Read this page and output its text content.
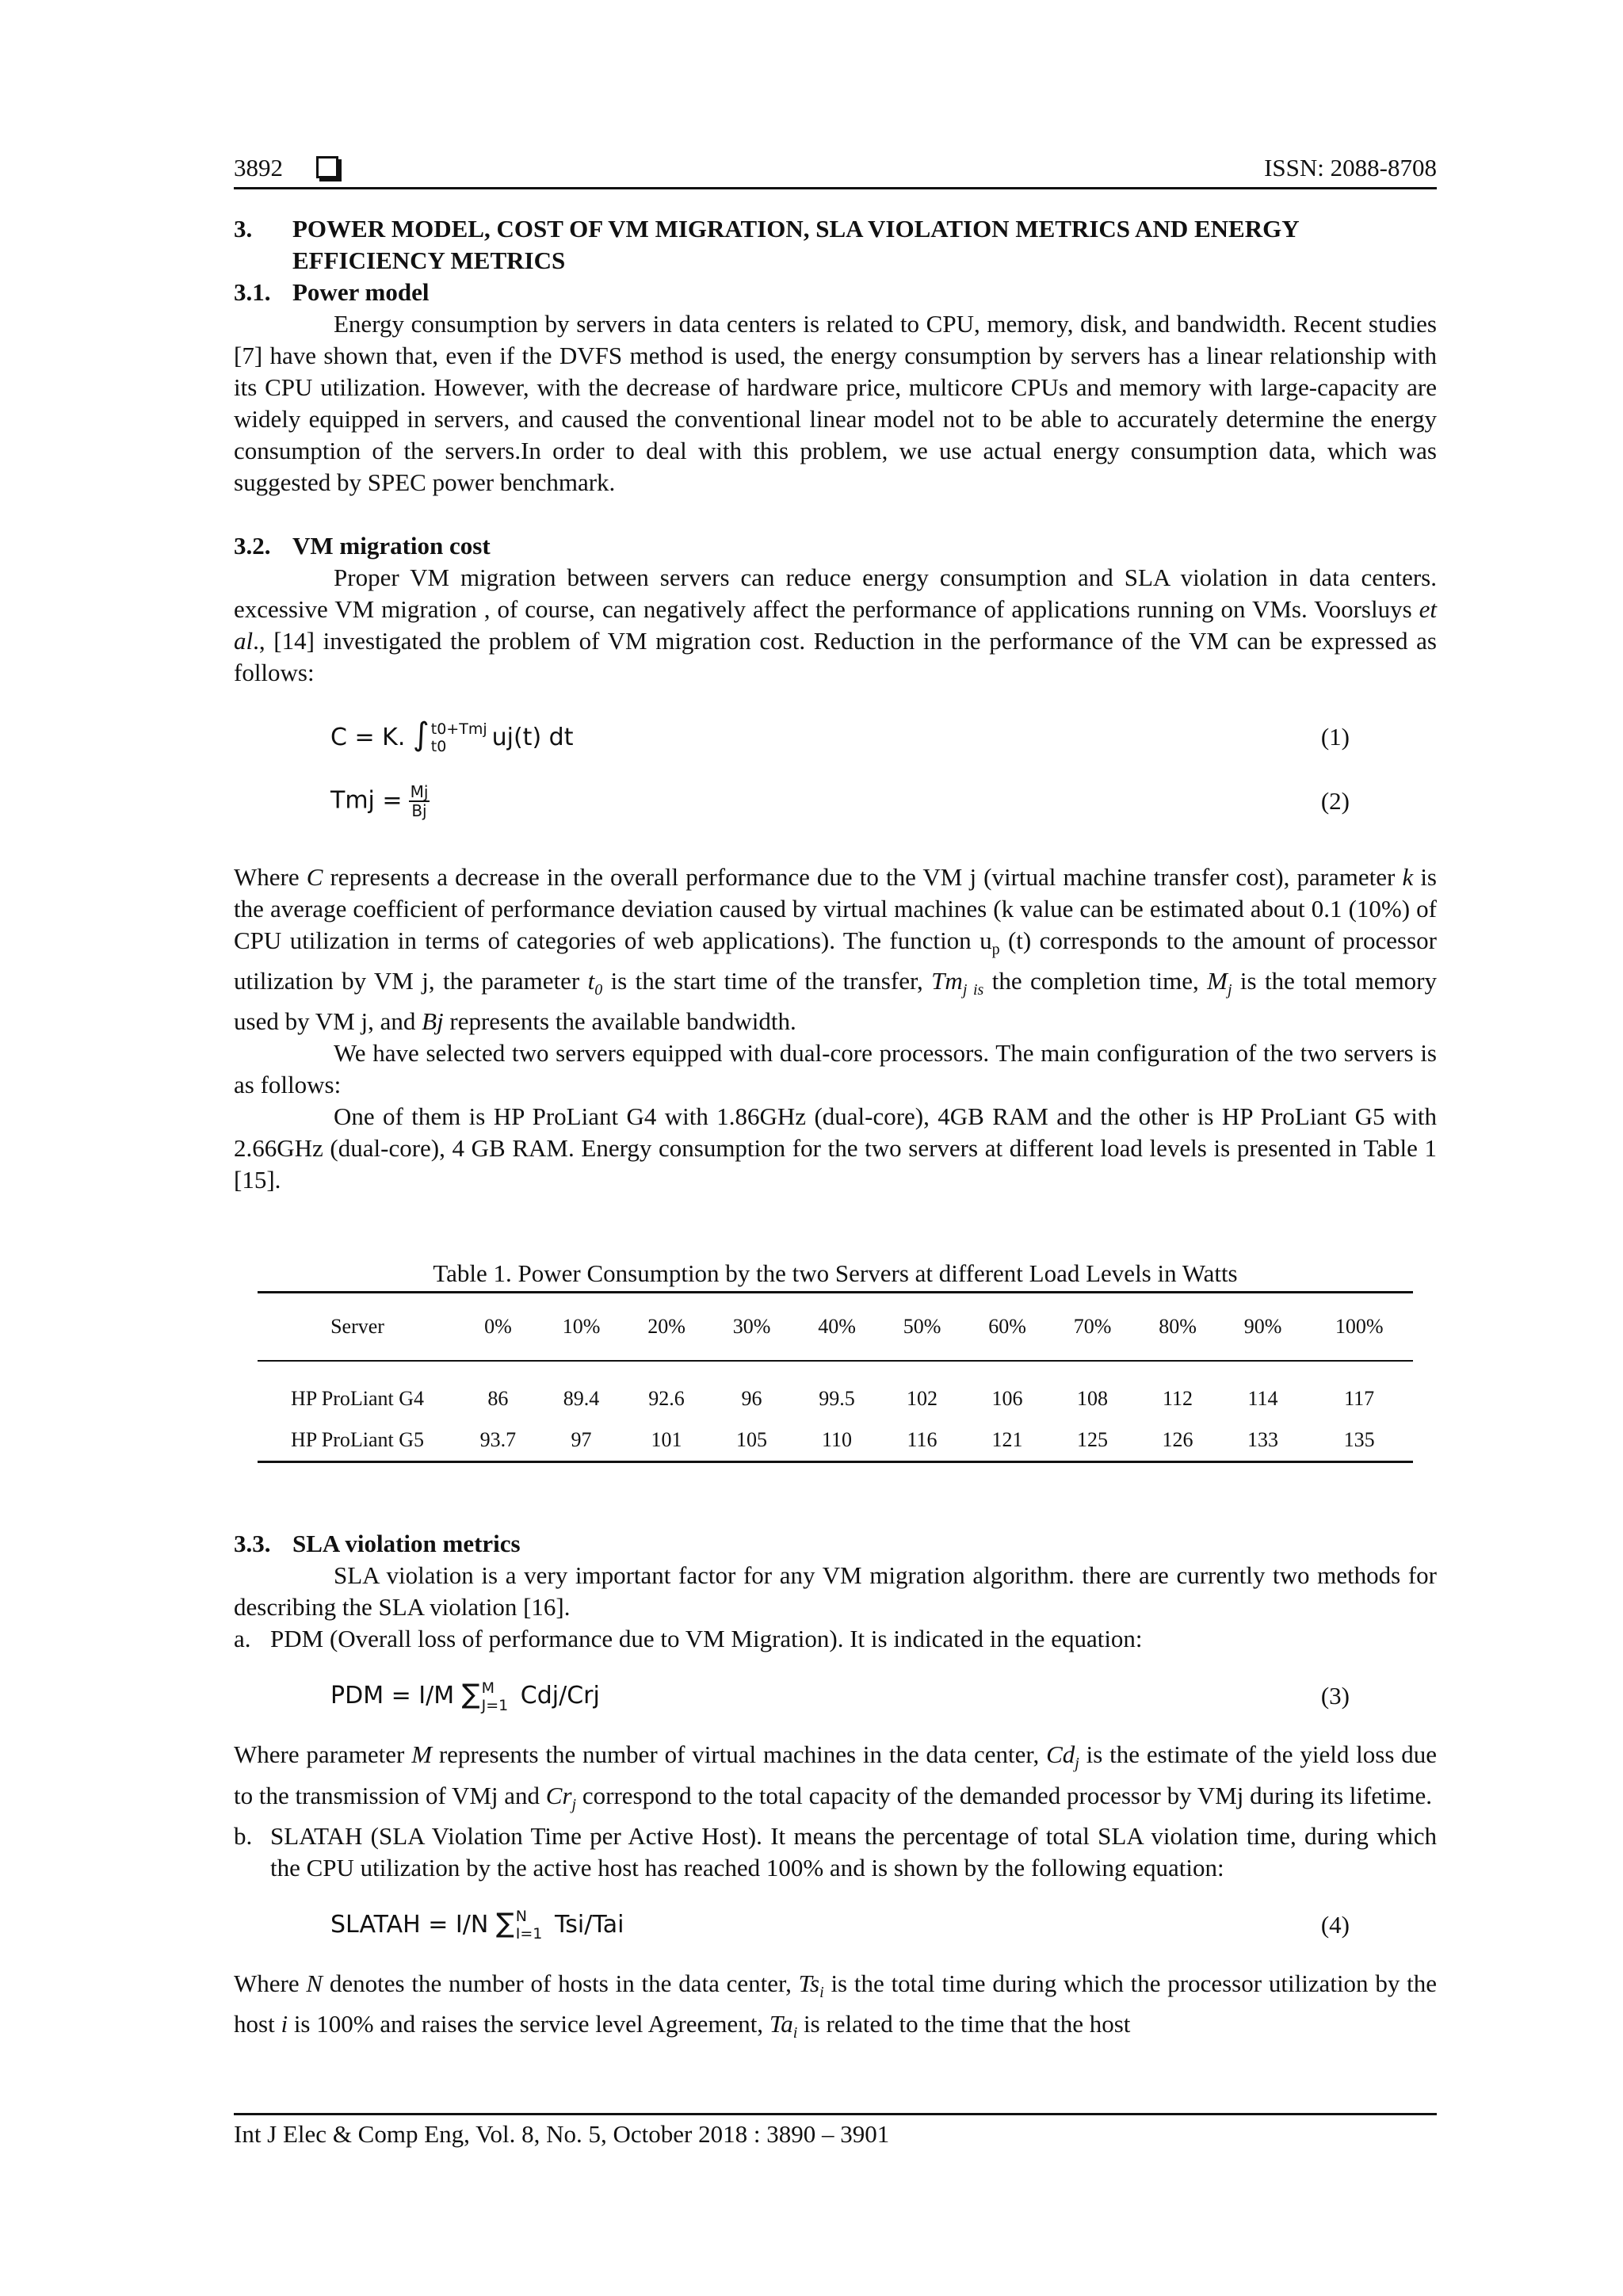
3892	ISSN: 2088-8708
3.	POWER MODEL, COST OF VM MIGRATION, SLA VIOLATION METRICS AND ENERGY EFFICIENCY METRICS
3.1. Power model

Energy consumption by servers in data centers is related to CPU, memory, disk, and bandwidth. Recent studies [7] have shown that, even if the DVFS method is used, the energy consumption by servers has a linear relationship with its CPU utilization. However, with the decrease of hardware price, multicore CPUs and memory with large-capacity are widely equipped in servers, and caused the conventional linear model not to be able to accurately determine the energy consumption of the servers.In order to deal with this problem, we use actual energy consumption data, which was suggested by SPEC power benchmark.

3.2. VM migration cost

Proper VM migration between servers can reduce energy consumption and SLA violation in data centers. excessive VM migration , of course, can negatively affect the performance of applications running on VMs. Voorsluys et al., [14] investigated the problem of VM migration cost. Reduction in the performance of the VM can be expressed as follows:

C = K. ∫ t0+Tmj
t0	uj(t) dt	(1)
Tmj = $\frac{Mj}{Bj}$	(2)

Where C represents a decrease in the overall performance due to the VM j (virtual machine transfer cost), parameter k is the average coefficient of performance deviation caused by virtual machines (k value can be estimated about 0.1 (10%) of CPU utilization in terms of categories of web applications). The function $u_p$ (t) corresponds to the amount of processor utilization by VM j, the parameter $t_0$ is the start time of the transfer, $Tm_{j is}$ the completion time, $M_j$ is the total memory used by VM j, and Bj represents the available bandwidth.

We have selected two servers equipped with dual-core processors. The main configuration of the two servers is as follows:

One of them is HP ProLiant G4 with 1.86GHz (dual-core), 4GB RAM and the other is HP ProLiant G5 with 2.66GHz (dual-core), 4 GB RAM. Energy consumption for the two servers at different load levels is presented in Table 1 [15].

Table 1. Power Consumption by the two Servers at different Load Levels in Watts
Server	0%	10%	20%	30%	40%	50%	60%	70%	80%	90%	100%
HP ProLiant G4	86	89.4	92.6	96	99.5	102	106	108	112	114	117
HP ProLiant G5	93.7	97	101	105	110	116	121	125	126	133	135
3.3. SLA violation metrics

SLA violation is a very important factor for any VM migration algorithm. there are currently two methods for describing the SLA violation [16].

a. PDM (Overall loss of performance due to VM Migration). It is indicated in the equation:
PDM = I/M ∑ M
J=1 Cdj/Crj	(3)

Where parameter M represents the number of virtual machines in the data center, $Cd_j$ is the estimate of the yield loss due to the transmission of VMj and $Cr_j$ correspond to the total capacity of the demanded processor by VMj during its lifetime.

b. SLATAH (SLA Violation Time per Active Host). It means the percentage of total SLA violation time, during which the CPU utilization by the active host has reached 100% and is shown by the following equation:
SLATAH = I/N ∑ N
I=1 Tsi/Tai	(4)

Where N denotes the number of hosts in the data center, $Ts_i$ is the total time during which the processor utilization by the host i is 100% and raises the service level Agreement, $Ta_i$ is related to the time that the host

Int J Elec & Comp Eng, Vol. 8, No. 5, October 2018 : 3890 – 3901
